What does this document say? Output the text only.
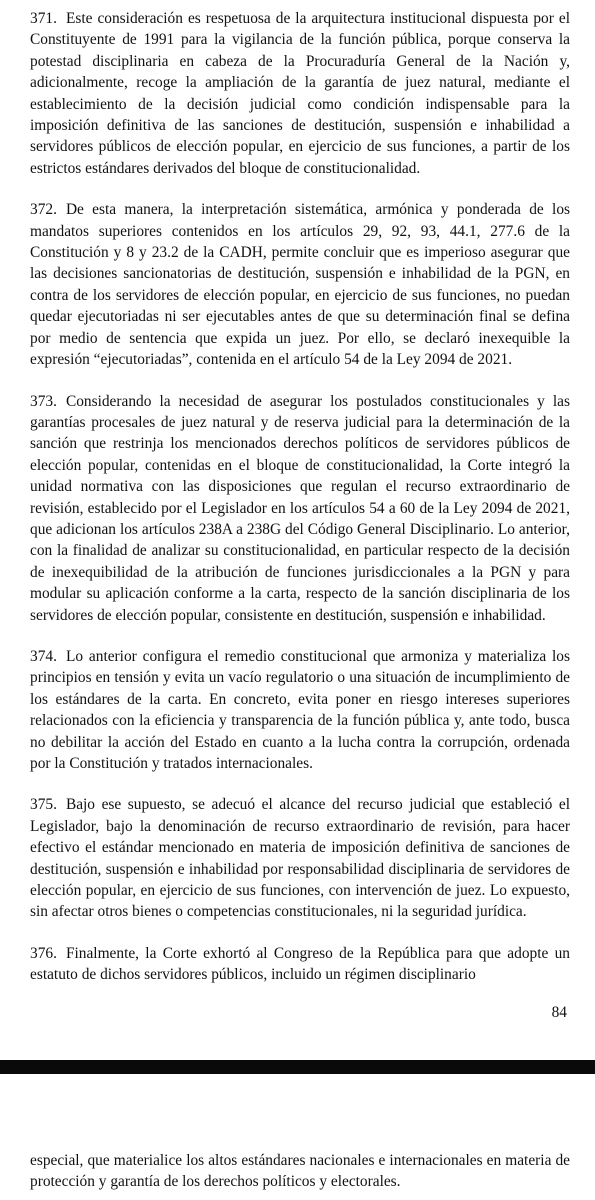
371. Este consideración es respetuosa de la arquitectura institucional dispuesta por el Constituyente de 1991 para la vigilancia de la función pública, porque conserva la potestad disciplinaria en cabeza de la Procuraduría General de la Nación y, adicionalmente, recoge la ampliación de la garantía de juez natural, mediante el establecimiento de la decisión judicial como condición indispensable para la imposición definitiva de las sanciones de destitución, suspensión e inhabilidad a servidores públicos de elección popular, en ejercicio de sus funciones, a partir de los estrictos estándares derivados del bloque de constitucionalidad.

372. De esta manera, la interpretación sistemática, armónica y ponderada de los mandatos superiores contenidos en los artículos 29, 92, 93, 44.1, 277.6 de la Constitución y 8 y 23.2 de la CADH, permite concluir que es imperioso asegurar que las decisiones sancionatorias de destitución, suspensión e inhabilidad de la PGN, en contra de los servidores de elección popular, en ejercicio de sus funciones, no puedan quedar ejecutoriadas ni ser ejecutables antes de que su determinación final se defina por medio de sentencia que expida un juez. Por ello, se declaró inexequible la expresión “ejecutoriadas”, contenida en el artículo 54 de la Ley 2094 de 2021.

373. Considerando la necesidad de asegurar los postulados constitucionales y las garantías procesales de juez natural y de reserva judicial para la determinación de la sanción que restrinja los mencionados derechos políticos de servidores públicos de elección popular, contenidas en el bloque de constitucionalidad, la Corte integró la unidad normativa con las disposiciones que regulan el recurso extraordinario de revisión, establecido por el Legislador en los artículos 54 a 60 de la Ley 2094 de 2021, que adicionan los artículos 238A a 238G del Código General Disciplinario. Lo anterior, con la finalidad de analizar su constitucionalidad, en particular respecto de la decisión de inexequibilidad de la atribución de funciones jurisdiccionales a la PGN y para modular su aplicación conforme a la carta, respecto de la sanción disciplinaria de los servidores de elección popular, consistente en destitución, suspensión e inhabilidad.

374. Lo anterior configura el remedio constitucional que armoniza y materializa los principios en tensión y evita un vacío regulatorio o una situación de incumplimiento de los estándares de la carta. En concreto, evita poner en riesgo intereses superiores relacionados con la eficiencia y transparencia de la función pública y, ante todo, busca no debilitar la acción del Estado en cuanto a la lucha contra la corrupción, ordenada por la Constitución y tratados internacionales.

375. Bajo ese supuesto, se adecuó el alcance del recurso judicial que estableció el Legislador, bajo la denominación de recurso extraordinario de revisión, para hacer efectivo el estándar mencionado en materia de imposición definitiva de sanciones de destitución, suspensión e inhabilidad por responsabilidad disciplinaria de servidores de elección popular, en ejercicio de sus funciones, con intervención de juez. Lo expuesto, sin afectar otros bienes o competencias constitucionales, ni la seguridad jurídica.

376. Finalmente, la Corte exhortó al Congreso de la República para que adopte un estatuto de dichos servidores públicos, incluido un régimen disciplinario

84

especial, que materialice los altos estándares nacionales e internacionales en materia de protección y garantía de los derechos políticos y electorales.
